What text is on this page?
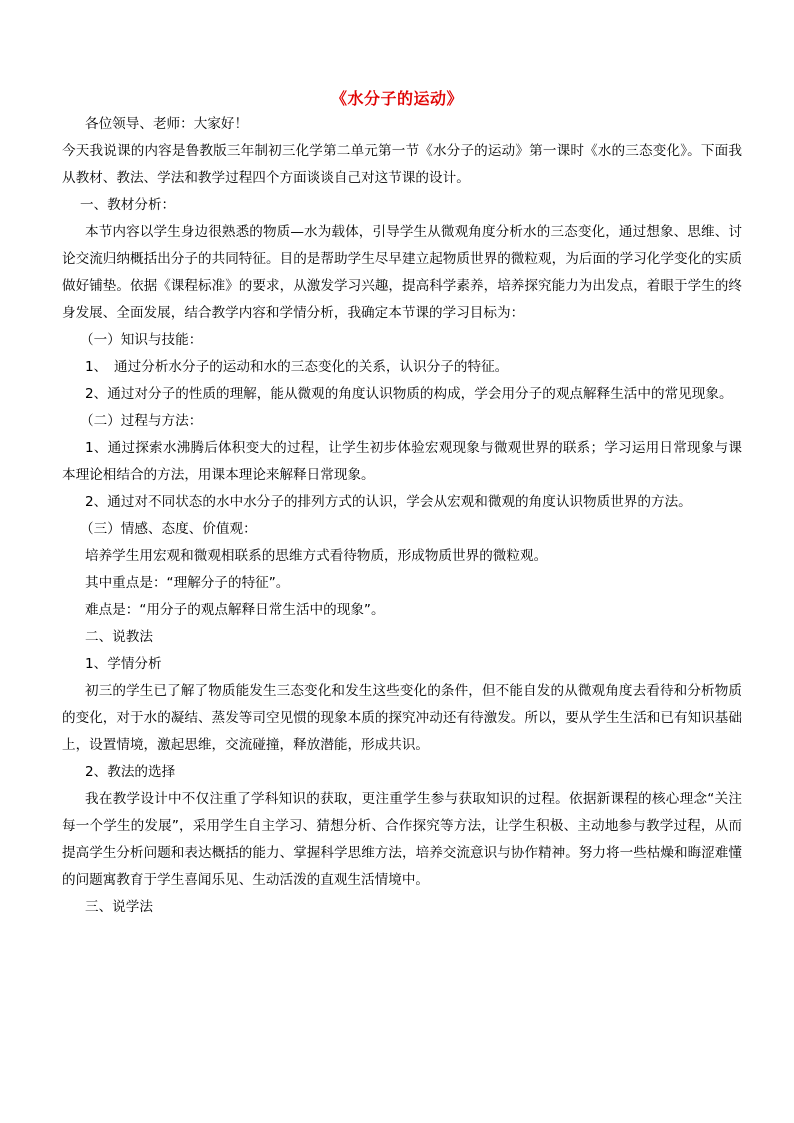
《水分子的运动》

各位领导、老师：大家好！

今天我说课的内容是鲁教版三年制初三化学第二单元第一节《水分子的运动》第一课时《水的三态变化》。下面我从教材、教法、学法和教学过程四个方面谈谈自己对这节课的设计。

一、教材分析：

本节内容以学生身边很熟悉的物质—水为载体，引导学生从微观角度分析水的三态变化，通过想象、思维、讨论交流归纳概括出分子的共同特征。目的是帮助学生尽早建立起物质世界的微粒观，为后面的学习化学变化的实质做好铺垫。依据《课程标准》的要求，从激发学习兴趣，提高科学素养，培养探究能力为出发点，着眼于学生的终身发展、全面发展，结合教学内容和学情分析，我确定本节课的学习目标为：

（一）知识与技能：

1、　通过分析水分子的运动和水的三态变化的关系，认识分子的特征。

2、通过对分子的性质的理解，能从微观的角度认识物质的构成，学会用分子的观点解释生活中的常见现象。

（二）过程与方法：

1、通过探索水沸腾后体积变大的过程，让学生初步体验宏观现象与微观世界的联系；学习运用日常现象与课本理论相结合的方法，用课本理论来解释日常现象。

2、通过对不同状态的水中水分子的排列方式的认识，学会从宏观和微观的角度认识物质世界的方法。

（三）情感、态度、价值观：

培养学生用宏观和微观相联系的思维方式看待物质，形成物质世界的微粒观。

其中重点是：“理解分子的特征”。

难点是：“用分子的观点解释日常生活中的现象”。

二、说教法

1、学情分析

初三的学生已了解了物质能发生三态变化和发生这些变化的条件，但不能自发的从微观角度去看待和分析物质的变化，对于水的凝结、蒸发等司空见惯的现象本质的探究冲动还有待激发。所以，要从学生生活和已有知识基础上，设置情境，激起思维，交流碰撞，释放潜能，形成共识。

2、教法的选择

我在教学设计中不仅注重了学科知识的获取，更注重学生参与获取知识的过程。依据新课程的核心理念“关注每一个学生的发展”，采用学生自主学习、猜想分析、合作探究等方法，让学生积极、主动地参与教学过程，从而提高学生分析问题和表达概括的能力、掌握科学思维方法，培养交流意识与协作精神。努力将一些枯燥和晦涩难懂的问题寓教育于学生喜闻乐见、生动活泼的直观生活情境中。

三、说学法
